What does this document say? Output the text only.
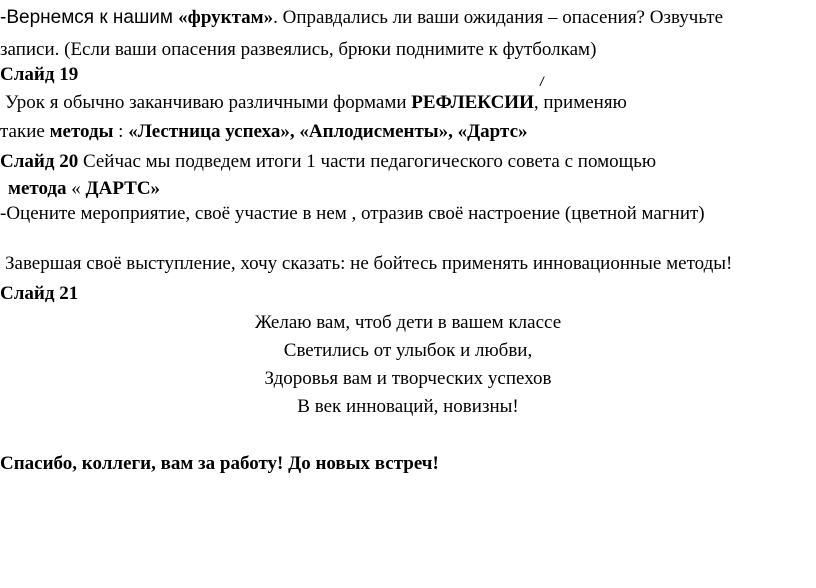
-Вернемся к нашим «фруктам». Оправдались ли ваши ожидания – опасения? Озвучьте
записи. (Если ваши опасения развеялись, брюки поднимите к футболкам)
Слайд 19	/
Урок я обычно заканчиваю различными формами РЕФЛЕКСИИ, применяю
такие методы : «Лестница успеха», «Аплодисменты», «Дартс»
Слайд 20 Сейчас мы подведем итоги 1 части педагогического совета с помощью
метода « ДАРТС»
-Оцените мероприятие, своё участие в нем , отразив своё настроение (цветной магнит)
Завершая своё выступление, хочу сказать: не бойтесь применять инновационные методы!
Слайд 21
Желаю вам, чтоб дети в вашем классе
Светились от улыбок и любви,
Здоровья вам и творческих успехов
В век инноваций, новизны!
Спасибо, коллеги, вам за работу! До новых встреч!
